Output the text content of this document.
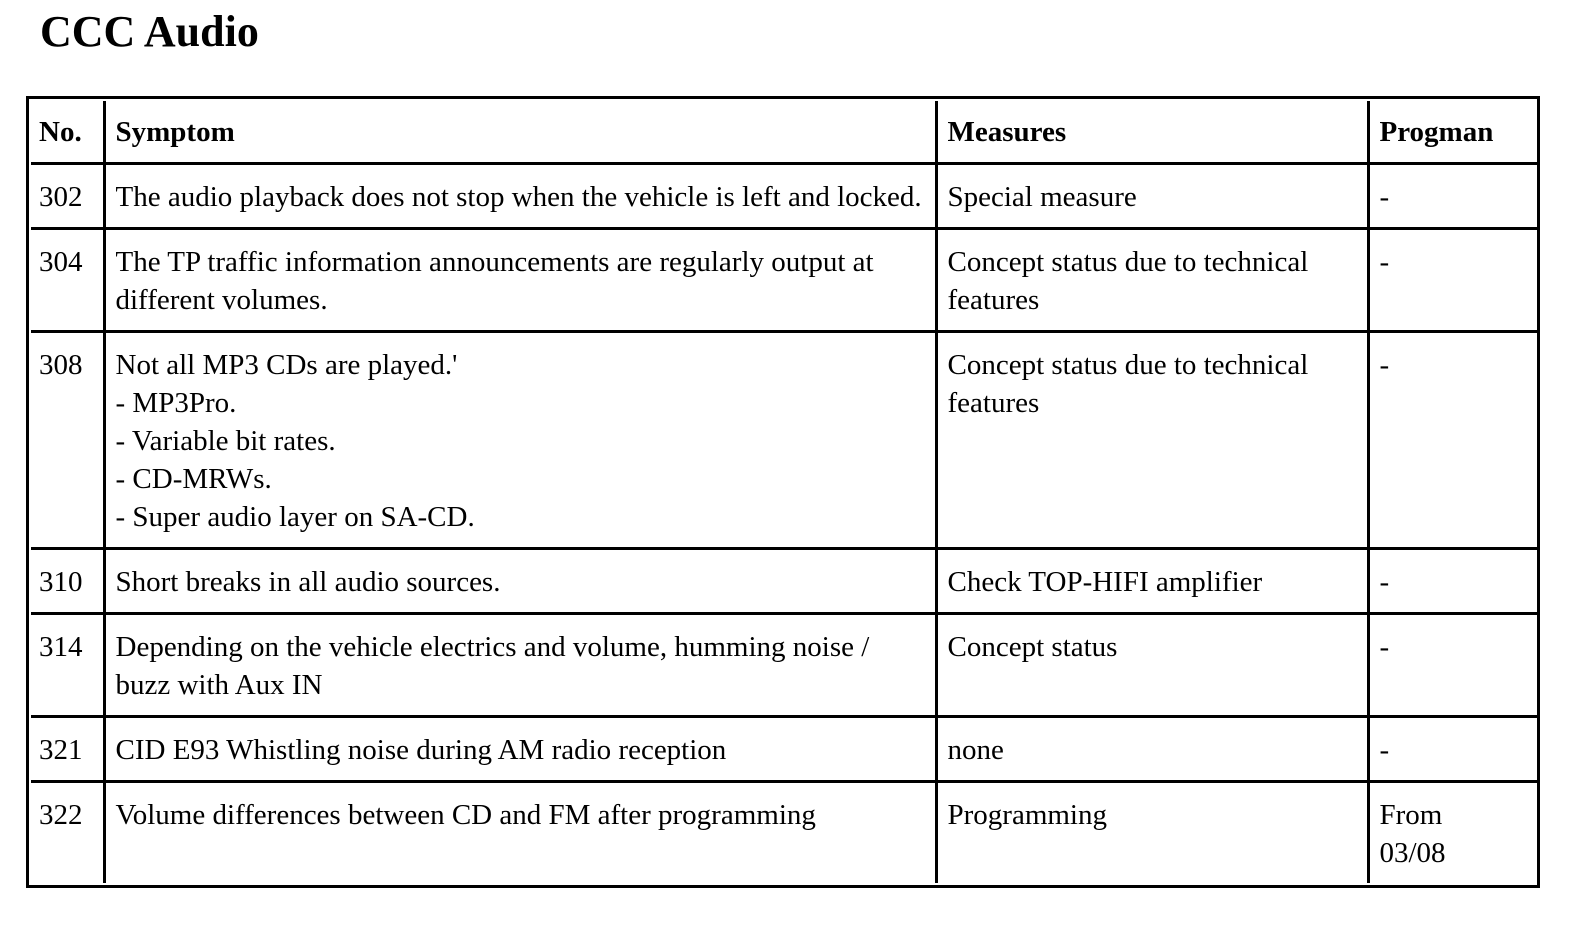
CCC Audio
No.	Symptom	Measures	Progman
302	The audio playback does not stop when the vehicle is left and locked.	Special measure	-

304	The TP traffic information announcements are regularly output at different volumes.	Concept status due to technical features	-

308	Not all MP3 CDs are played.'
- MP3Pro.
- Variable bit rates.
- CD-MRWs.
- Super audio layer on SA-CD.	Concept status due to technical features	-

310	Short breaks in all audio sources.	Check TOP-HIFI amplifier	-

314	Depending on the vehicle electrics and volume, humming noise / buzz with Aux IN	Concept status	-

321	CID E93 Whistling noise during AM radio reception	none	-

322	Volume differences between CD and FM after programming	Programming	From
03/08
